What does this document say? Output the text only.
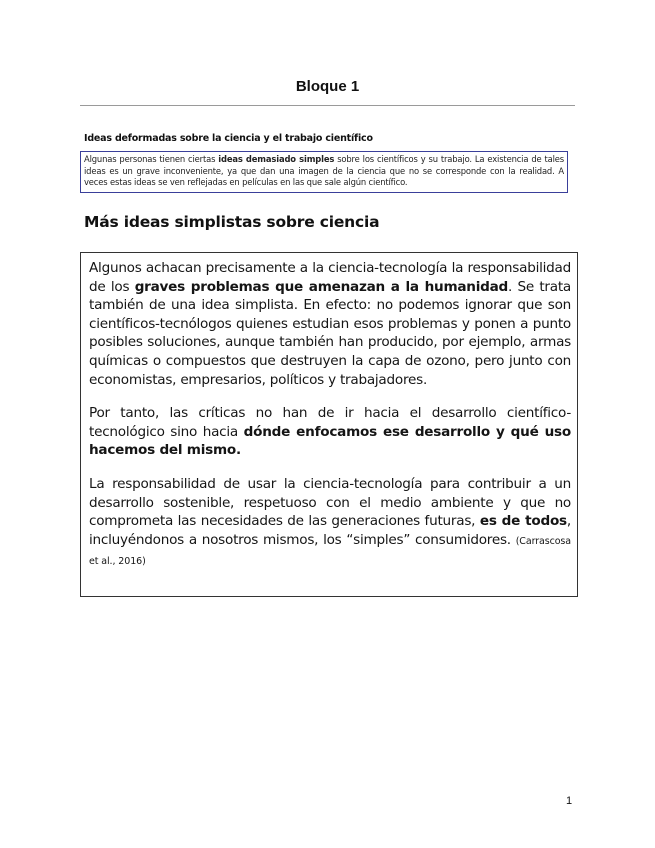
Bloque 1
Ideas deformadas sobre la ciencia y el trabajo científico
Algunas personas tienen ciertas ideas demasiado simples sobre los científicos y su trabajo. La existencia de tales ideas es un grave inconveniente, ya que dan una imagen de la ciencia que no se corresponde con la realidad. A veces estas ideas se ven reflejadas en películas en las que sale algún científico.
Más ideas simplistas sobre ciencia

Algunos achacan precisamente a la ciencia-tecnología la responsabilidad de los graves problemas que amenazan a la humanidad. Se trata también de una idea simplista. En efecto: no podemos ignorar que son científicos-tecnólogos quienes estudian esos problemas y ponen a punto posibles soluciones, aunque también han producido, por ejemplo, armas químicas o compuestos que destruyen la capa de ozono, pero junto con economistas, empresarios, políticos y trabajadores.

Por tanto, las críticas no han de ir hacia el desarrollo científico-tecnológico sino hacia dónde enfocamos ese desarrollo y qué uso hacemos del mismo.

La responsabilidad de usar la ciencia-tecnología para contribuir a un desarrollo sostenible, respetuoso con el medio ambiente y que no comprometa las necesidades de las generaciones futuras, es de todos, incluyéndonos a nosotros mismos, los “simples” consumidores. (Carrascosa et al., 2016)

1
